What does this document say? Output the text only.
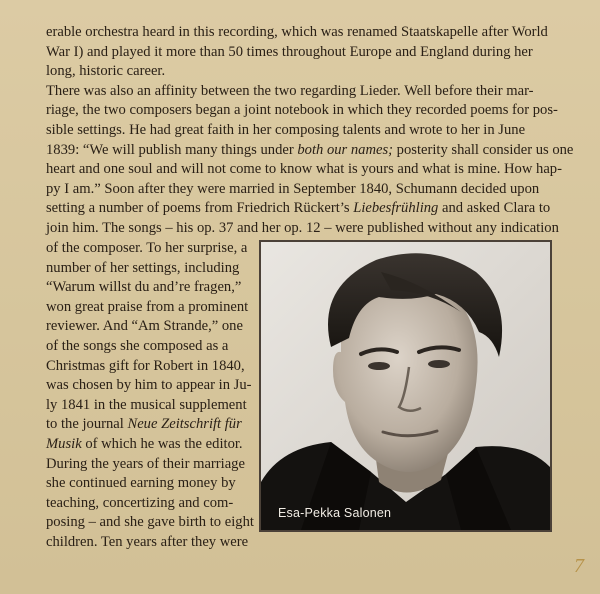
erable orchestra heard in this recording, which was renamed Staatskapelle after World
War I) and played it more than 50 times throughout Europe and England during her
long, historic career.
There was also an affinity between the two regarding Lieder. Well before their mar-
riage, the two composers began a joint notebook in which they recorded poems for pos-
sible settings. He had great faith in her composing talents and wrote to her in June
1839: “We will publish many things under both our names; posterity shall consider us one
heart and one soul and will not come to know what is yours and what is mine. How hap-
py I am.” Soon after they were married in September 1840, Schumann decided upon
setting a number of poems from Friedrich Rückert’s Liebesfrühling and asked Clara to
join him. The songs – his op. 37 and her op. 12 – were published without any indication
of the composer. To her surprise, a
number of her settings, including
“Warum willst du and’re fragen,”
won great praise from a prominent
reviewer. And “Am Strande,” one
of the songs she composed as a
Christmas gift for Robert in 1840,
was chosen by him to appear in Ju-
ly 1841 in the musical supplement
to the journal Neue Zeitschrift für
Musik of which he was the editor.
During the years of their marriage
she continued earning money by
teaching, concertizing and com-
posing – and she gave birth to eight
children. Ten years after they were
Esa-Pekka Salonen
7
